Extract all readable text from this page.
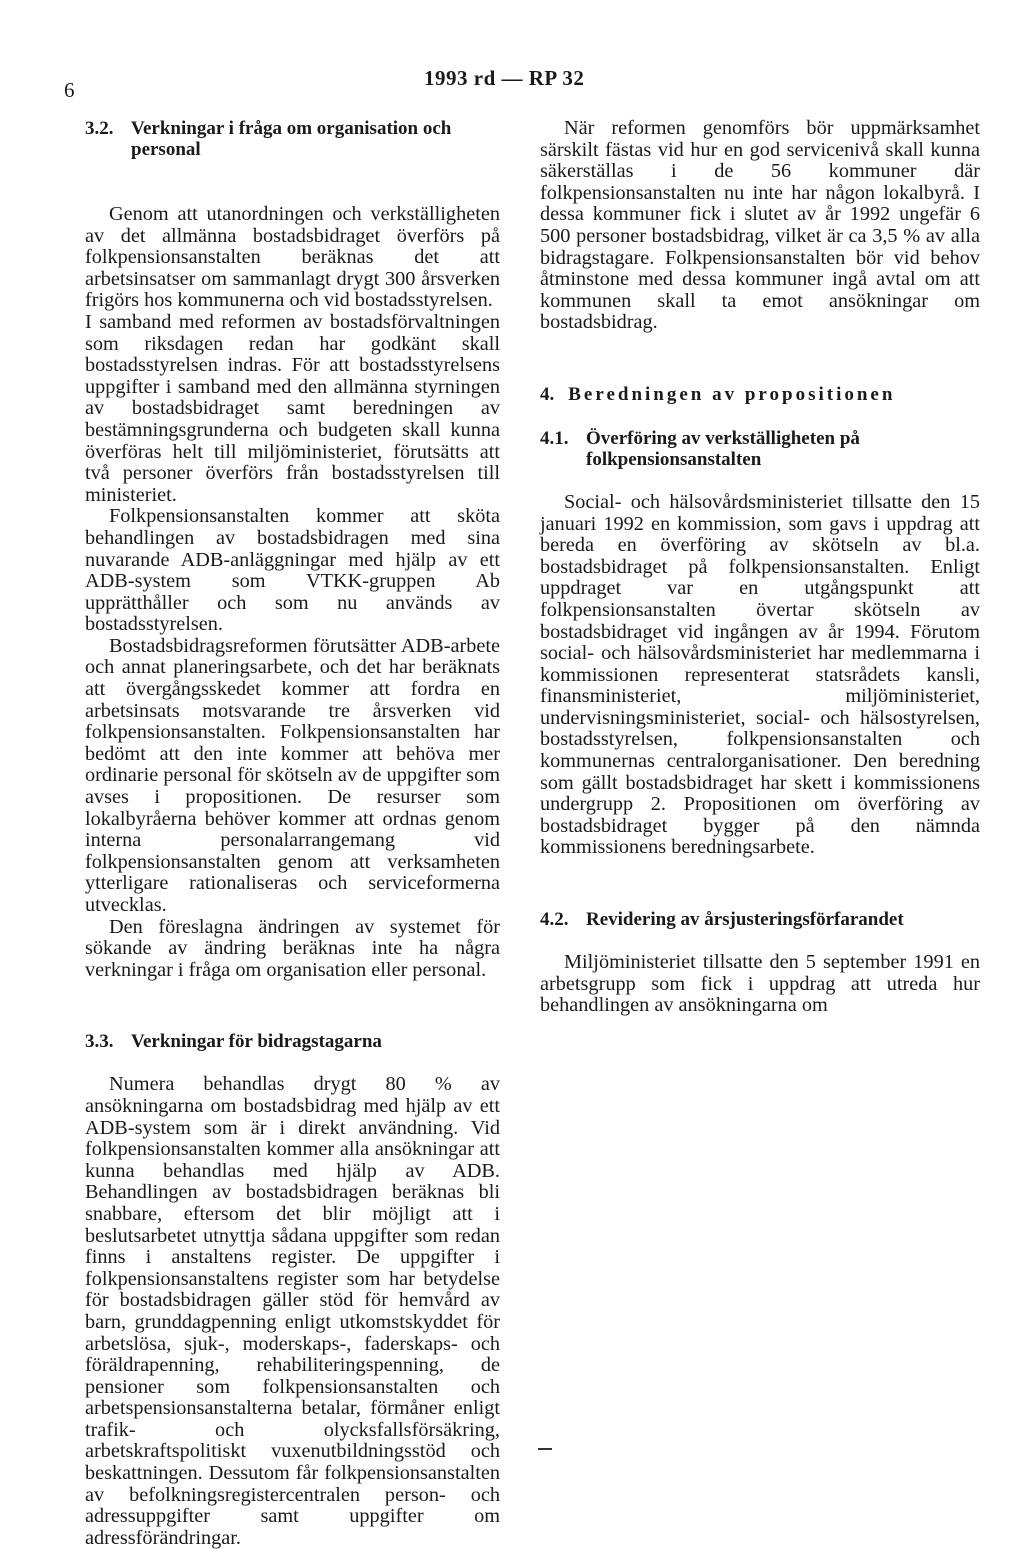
6	1993 rd — RP 32
3.2. Verkningar i fråga om organisation och personal

Genom att utanordningen och verkställigheten av det allmänna bostadsbidraget överförs på folkpensionsanstalten beräknas det att arbetsinsatser om sammanlagt drygt 300 årsverken frigörs hos kommunerna och vid bostadsstyrelsen.

I samband med reformen av bostadsförvaltningen som riksdagen redan har godkänt skall bostadsstyrelsen indras. För att bostadsstyrelsens uppgifter i samband med den allmänna styrningen av bostadsbidraget samt beredningen av bestämningsgrunderna och budgeten skall kunna överföras helt till miljöministeriet, förutsätts att två personer överförs från bostadsstyrelsen till ministeriet.

Folkpensionsanstalten kommer att sköta behandlingen av bostadsbidragen med sina nuvarande ADB-anläggningar med hjälp av ett ADB-system som VTKK-gruppen Ab upprätthåller och som nu används av bostadsstyrelsen.

Bostadsbidragsreformen förutsätter ADB-arbete och annat planeringsarbete, och det har beräknats att övergångsskedet kommer att fordra en arbetsinsats motsvarande tre årsverken vid folkpensionsanstalten. Folkpensionsanstalten har bedömt att den inte kommer att behöva mer ordinarie personal för skötseln av de uppgifter som avses i propositionen. De resurser som lokalbyråerna behöver kommer att ordnas genom interna personalarrangemang vid folkpensionsanstalten genom att verksamheten ytterligare rationaliseras och serviceformerna utvecklas.

Den föreslagna ändringen av systemet för sökande av ändring beräknas inte ha några verkningar i fråga om organisation eller personal.

3.3. Verkningar för bidragstagarna

Numera behandlas drygt 80 % av ansökningarna om bostadsbidrag med hjälp av ett ADB-system som är i direkt användning. Vid folkpensionsanstalten kommer alla ansökningar att kunna behandlas med hjälp av ADB. Behandlingen av bostadsbidragen beräknas bli snabbare, eftersom det blir möjligt att i beslutsarbetet utnyttja sådana uppgifter som redan finns i anstaltens register. De uppgifter i folkpensionsanstaltens register som har betydelse för bostadsbidragen gäller stöd för hemvård av barn, grunddagpenning enligt utkomstskyddet för arbetslösa, sjuk-, moderskaps-, faderskaps- och föräldrapenning, rehabiliteringspenning, de pensioner som folkpensionsanstalten och arbetspensionsanstalterna betalar, förmåner enligt trafik- och olycksfallsförsäkring, arbetskraftspolitiskt vuxenutbildningsstöd och beskattningen. Dessutom får folkpensionsanstalten av befolkningsregistercentralen person- och adressuppgifter samt uppgifter om adressförändringar.

När reformen genomförs bör uppmärksamhet särskilt fästas vid hur en god servicenivå skall kunna säkerställas i de 56 kommuner där folkpensionsanstalten nu inte har någon lokalbyrå. I dessa kommuner fick i slutet av år 1992 ungefär 6 500 personer bostadsbidrag, vilket är ca 3,5 % av alla bidragstagare. Folkpensionsanstalten bör vid behov åtminstone med dessa kommuner ingå avtal om att kommunen skall ta emot ansökningar om bostadsbidrag.

4. Beredningen av propositionen
4.1. Överföring av verkställigheten på folkpensionsanstalten

Social- och hälsovårdsministeriet tillsatte den 15 januari 1992 en kommission, som gavs i uppdrag att bereda en överföring av skötseln av bl.a. bostadsbidraget på folkpensionsanstalten. Enligt uppdraget var en utgångspunkt att folkpensionsanstalten övertar skötseln av bostadsbidraget vid ingången av år 1994. Förutom social- och hälsovårdsministeriet har medlemmarna i kommissionen representerat statsrådets kansli, finansministeriet, miljöministeriet, undervisningsministeriet, social- och hälsostyrelsen, bostadsstyrelsen, folkpensionsanstalten och kommunernas centralorganisationer. Den beredning som gällt bostadsbidraget har skett i kommissionens undergrupp 2. Propositionen om överföring av bostadsbidraget bygger på den nämnda kommissionens beredningsarbete.

4.2. Revidering av årsjusteringsförfarandet

Miljöministeriet tillsatte den 5 september 1991 en arbetsgrupp som fick i uppdrag att utreda hur behandlingen av ansökningarna om
